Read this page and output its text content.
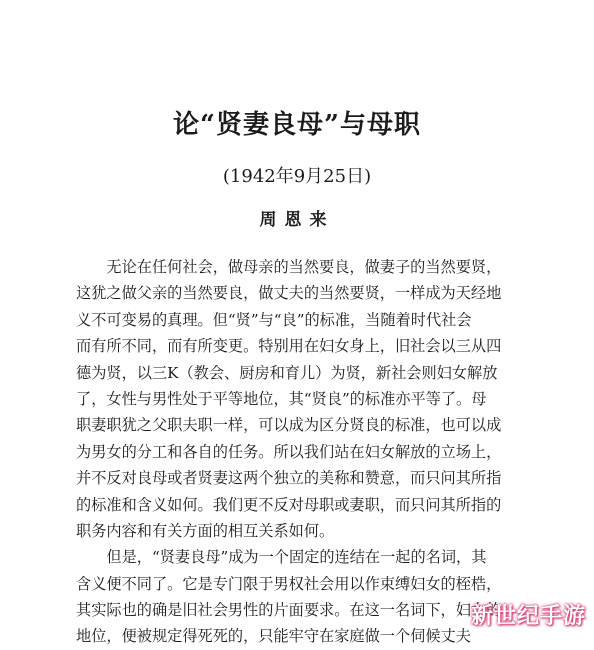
论“贤妻良母”与母职
(1942年9月25日)
周恩来
　　无论在任何社会，做母亲的当然要良，做妻子的当然要贤，
这犹之做父亲的当然要良，做丈夫的当然要贤，一样成为天经地
义不可变易的真理。但“贤”与“良”的标准，当随着时代社会
而有所不同，而有所变更。特别用在妇女身上，旧社会以三从四
德为贤，以三K（教会、厨房和育儿）为贤，新社会则妇女解放
了，女性与男性处于平等地位，其“贤良”的标准亦平等了。母
职妻职犹之父职夫职一样，可以成为区分贤良的标准，也可以成
为男女的分工和各自的任务。所以我们站在妇女解放的立场上，
并不反对良母或者贤妻这两个独立的美称和赞意，而只问其所指
的标准和含义如何。我们更不反对母职或妻职，而只问其所指的
职务内容和有关方面的相互关系如何。
　　但是，“贤妻良母”成为一个固定的连结在一起的名词，其
含义便不同了。它是专门限于男权社会用以作束缚妇女的桎梏，
其实际也的确是旧社会男性的片面要求。在这一名词下，妇女的
地位，便被规定得死死的，只能牢守在家庭做一个伺候丈夫
新世纪手游
